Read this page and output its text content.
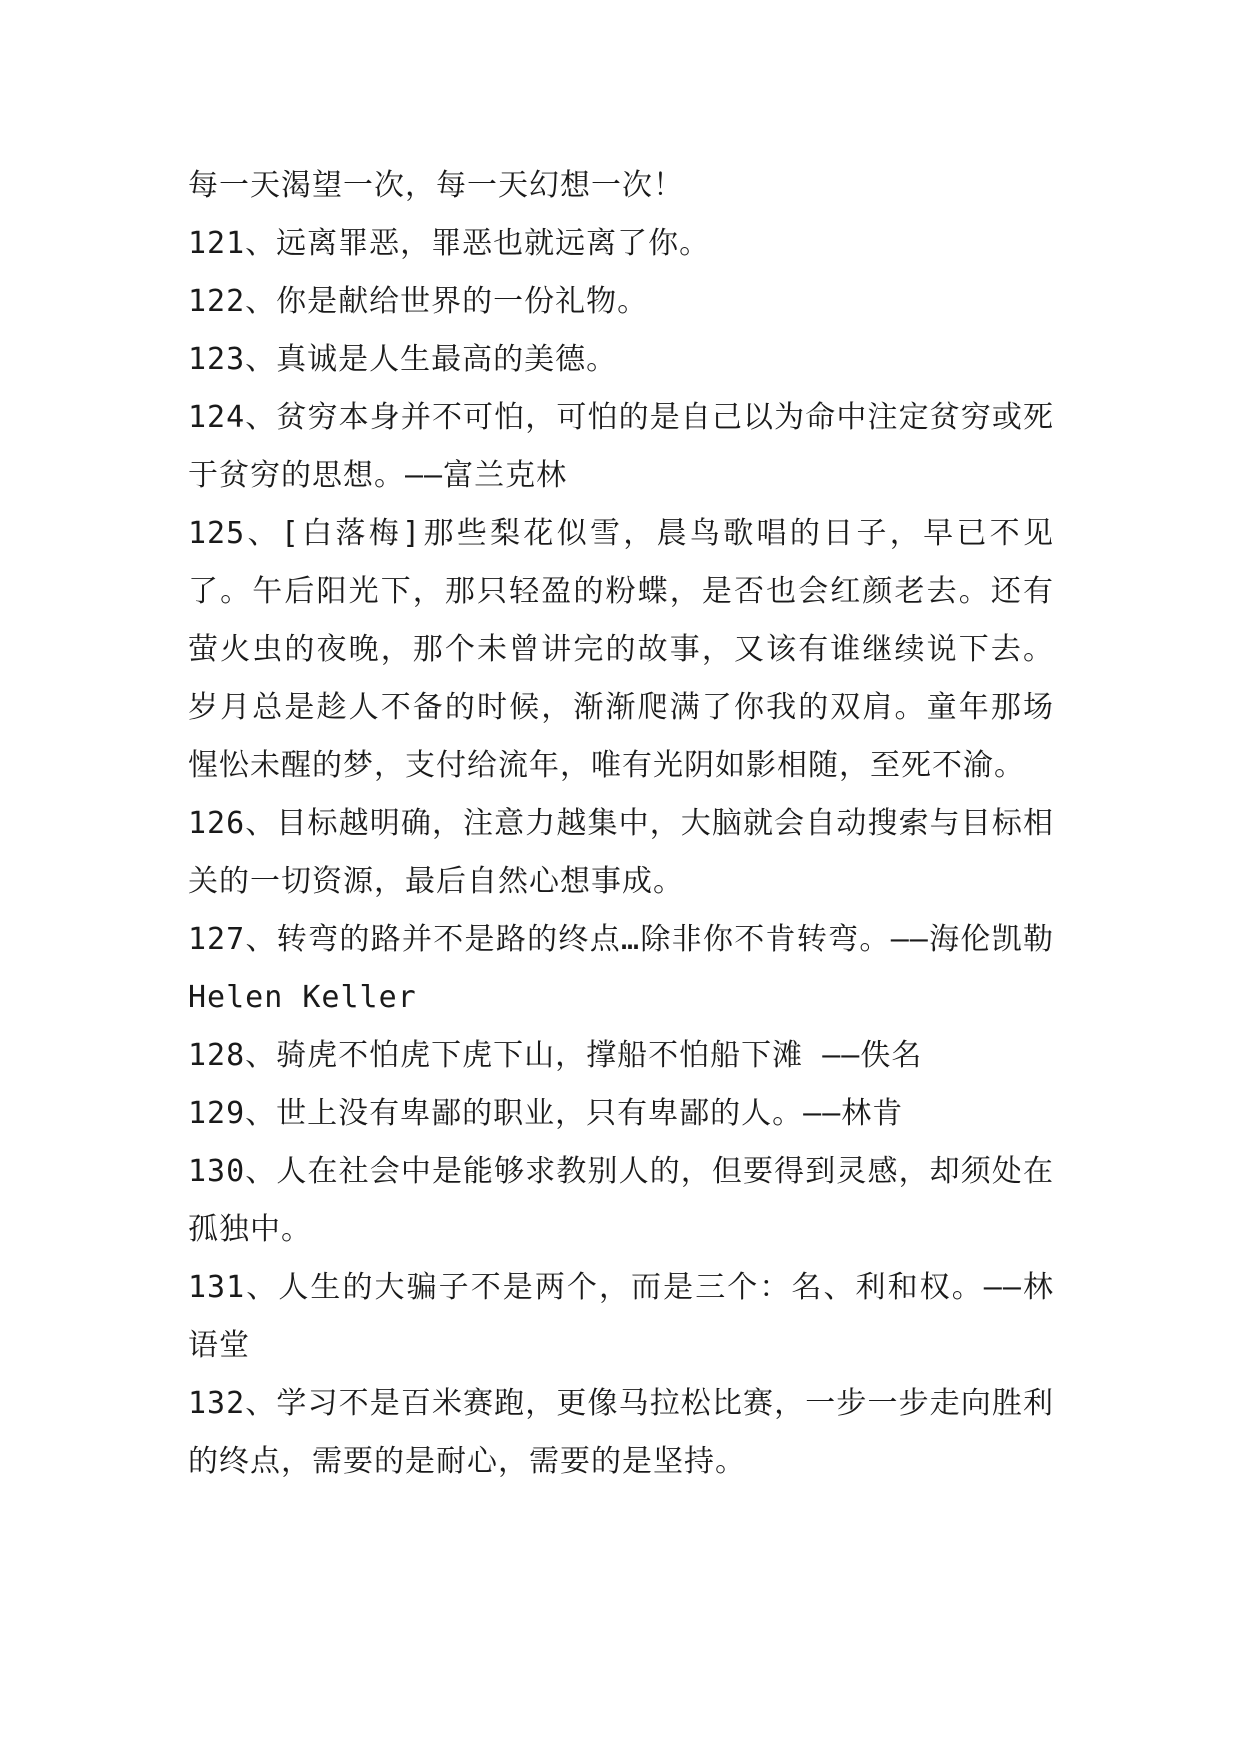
每一天渴望一次，每一天幻想一次！

121、远离罪恶，罪恶也就远离了你。

122、你是献给世界的一份礼物。

123、真诚是人生最高的美德。

124、贫穷本身并不可怕，可怕的是自己以为命中注定贫穷或死于贫穷的思想。——富兰克林

125、[白落梅]那些梨花似雪，晨鸟歌唱的日子，早已不见了。午后阳光下，那只轻盈的粉蝶，是否也会红颜老去。还有萤火虫的夜晚，那个未曾讲完的故事，又该有谁继续说下去。岁月总是趁人不备的时候，渐渐爬满了你我的双肩。童年那场惺忪未醒的梦，支付给流年，唯有光阴如影相随，至死不渝。

126、目标越明确，注意力越集中，大脑就会自动搜索与目标相关的一切资源，最后自然心想事成。

127、转弯的路并不是路的终点…除非你不肯转弯。——海伦凯勒 Helen Keller

128、骑虎不怕虎下虎下山，撑船不怕船下滩 ——佚名

129、世上没有卑鄙的职业，只有卑鄙的人。——林肯

130、人在社会中是能够求教别人的，但要得到灵感，却须处在孤独中。

131、人生的大骗子不是两个，而是三个：名、利和权。——林语堂

132、学习不是百米赛跑，更像马拉松比赛，一步一步走向胜利的终点，需要的是耐心，需要的是坚持。
